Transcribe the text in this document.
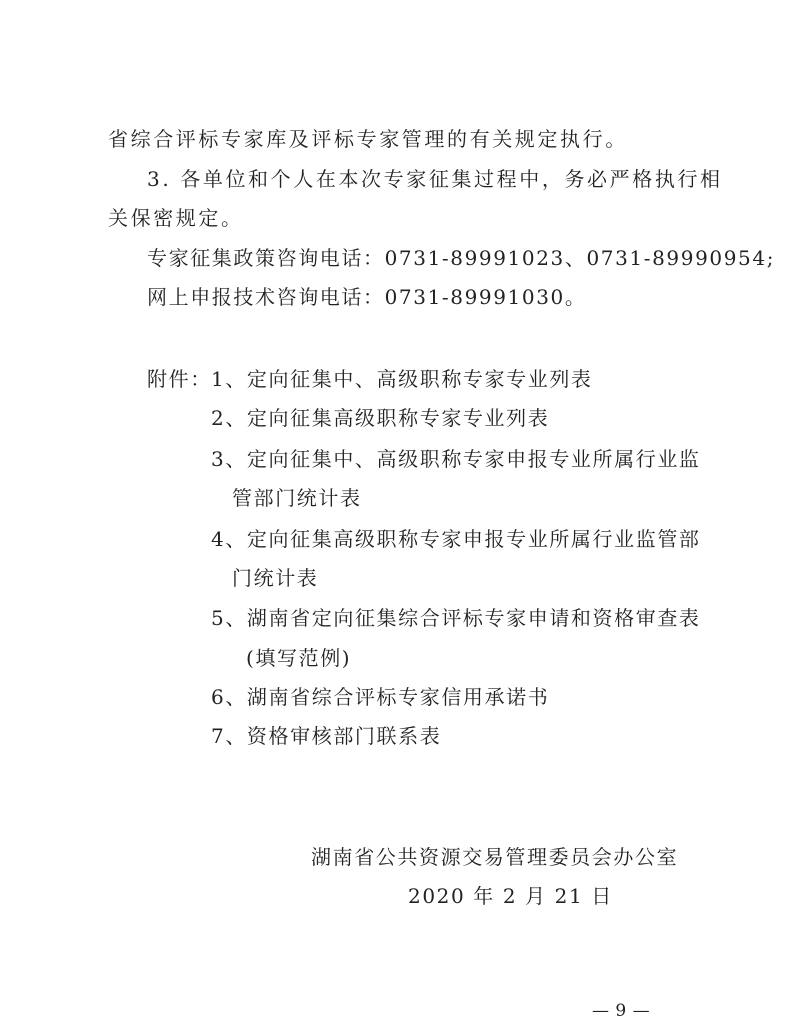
省综合评标专家库及评标专家管理的有关规定执行。
3. 各单位和个人在本次专家征集过程中，务必严格执行相
关保密规定。
专家征集政策咨询电话：0731-89991023、0731-89990954;
网上申报技术咨询电话：0731-89991030。
附件： 1、定向征集中、高级职称专家专业列表
2、定向征集高级职称专家专业列表
3、定向征集中、高级职称专家申报专业所属行业监
管部门统计表
4、定向征集高级职称专家申报专业所属行业监管部
门统计表
5、湖南省定向征集综合评标专家申请和资格审查表
(填写范例)
6、湖南省综合评标专家信用承诺书
7、资格审核部门联系表
湖南省公共资源交易管理委员会办公室
2020 年 2 月 21 日
— 9 —
